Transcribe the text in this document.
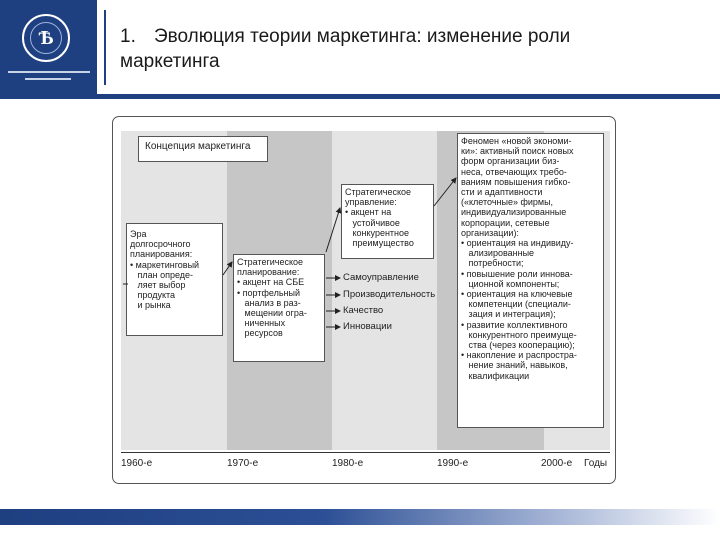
Ѣ	1. Эволюция теории маркетинга: изменение роли
маркетинга
Концепция маркетинга
Эра
долгосрочного
планирования:
• маркетинговый
план опреде-
ляет выбор
продукта
и рынка
Стратегическое
планирование:
• акцент на СБЕ
• портфельный
анализ в раз-
мещении огра-
ниченных
ресурсов
Стратегическое
управление:
• акцент на
устойчивое
конкурентное
преимущество
Феномен «новой экономи-
ки»: активный поиск новых
форм организации биз-
неса, отвечающих требо-
ваниям повышения гибко-
сти и адаптивности
(«клеточные» фирмы,
индивидуализированные
корпорации, сетевые
организации):
• ориентация на индивиду-
ализированные
потребности;
• повышение роли иннова-
ционной компоненты;
• ориентация на ключевые
компетенции (специали-
зация и интеграция);
• развитие коллективного
конкурентного преимуще-
ства (через кооперацию);
• накопление и распростра-
нение знаний, навыков,
квалификации
Самоуправление
Производительность
Качество
Инновации
1960-е	1970-е	1980-е	1990-е	2000-е Годы
